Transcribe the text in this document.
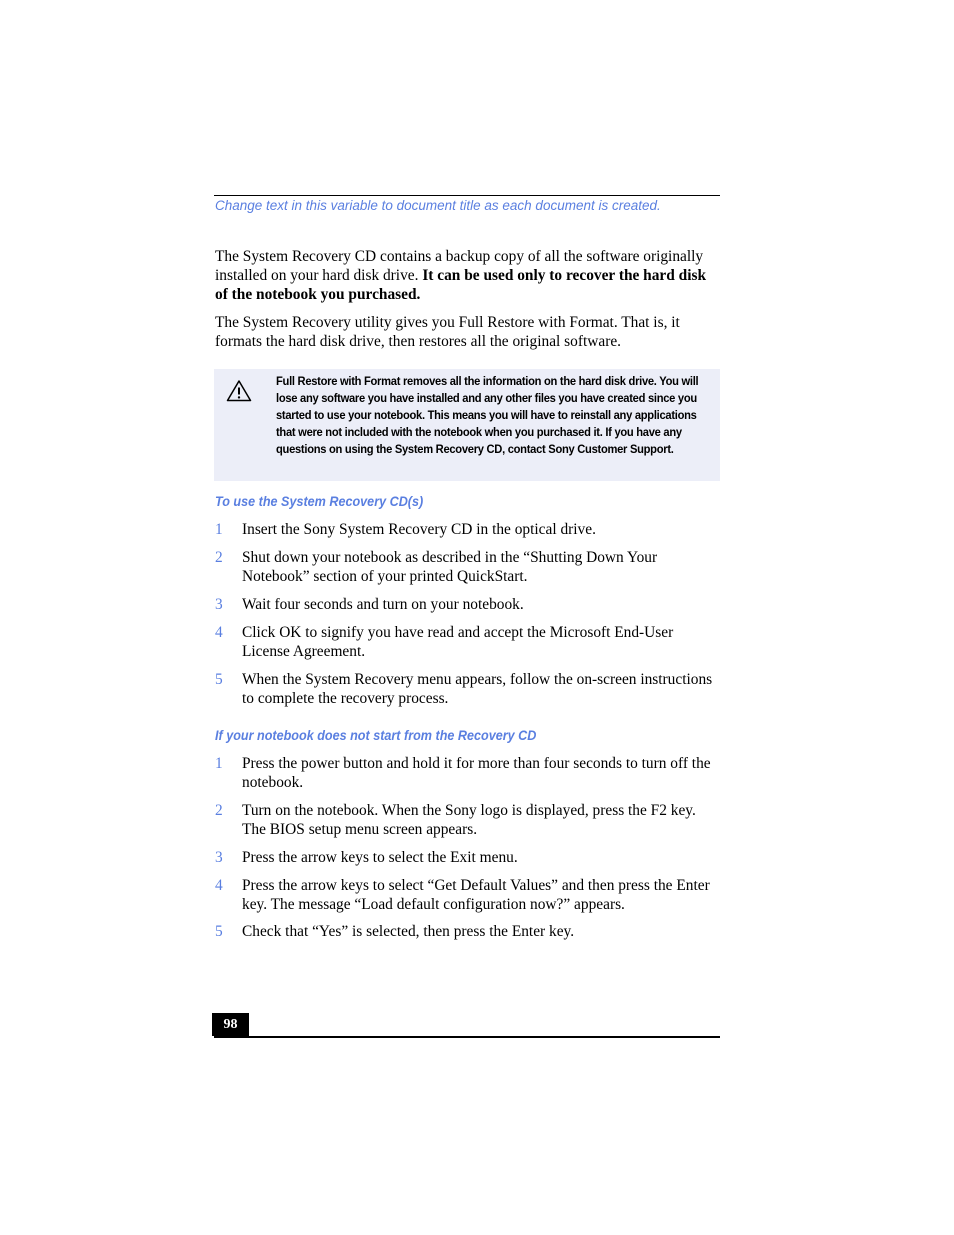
Change text in this variable to document title as each document is created.

The System Recovery CD contains a backup copy of all the software originally installed on your hard disk drive. It can be used only to recover the hard disk of the notebook you purchased.

The System Recovery utility gives you Full Restore with Format. That is, it formats the hard disk drive, then restores all the original software.

Full Restore with Format removes all the information on the hard disk drive. You will lose any software you have installed and any other files you have created since you started to use your notebook. This means you will have to reinstall any applications that were not included with the notebook when you purchased it. If you have any questions on using the System Recovery CD, contact Sony Customer Support.

To use the System Recovery CD(s)
1	Insert the Sony System Recovery CD in the optical drive.
2	Shut down your notebook as described in the “Shutting Down Your Notebook” section of your printed QuickStart.
3	Wait four seconds and turn on your notebook.
4	Click OK to signify you have read and accept the Microsoft End-User License Agreement.
5	When the System Recovery menu appears, follow the on-screen instructions to complete the recovery process.
If your notebook does not start from the Recovery CD
1	Press the power button and hold it for more than four seconds to turn off the notebook.
2	Turn on the notebook. When the Sony logo is displayed, press the F2 key. The BIOS setup menu screen appears.
3	Press the arrow keys to select the Exit menu.
4	Press the arrow keys to select “Get Default Values” and then press the Enter key. The message “Load default configuration now?” appears.
5	Check that “Yes” is selected, then press the Enter key.
98
